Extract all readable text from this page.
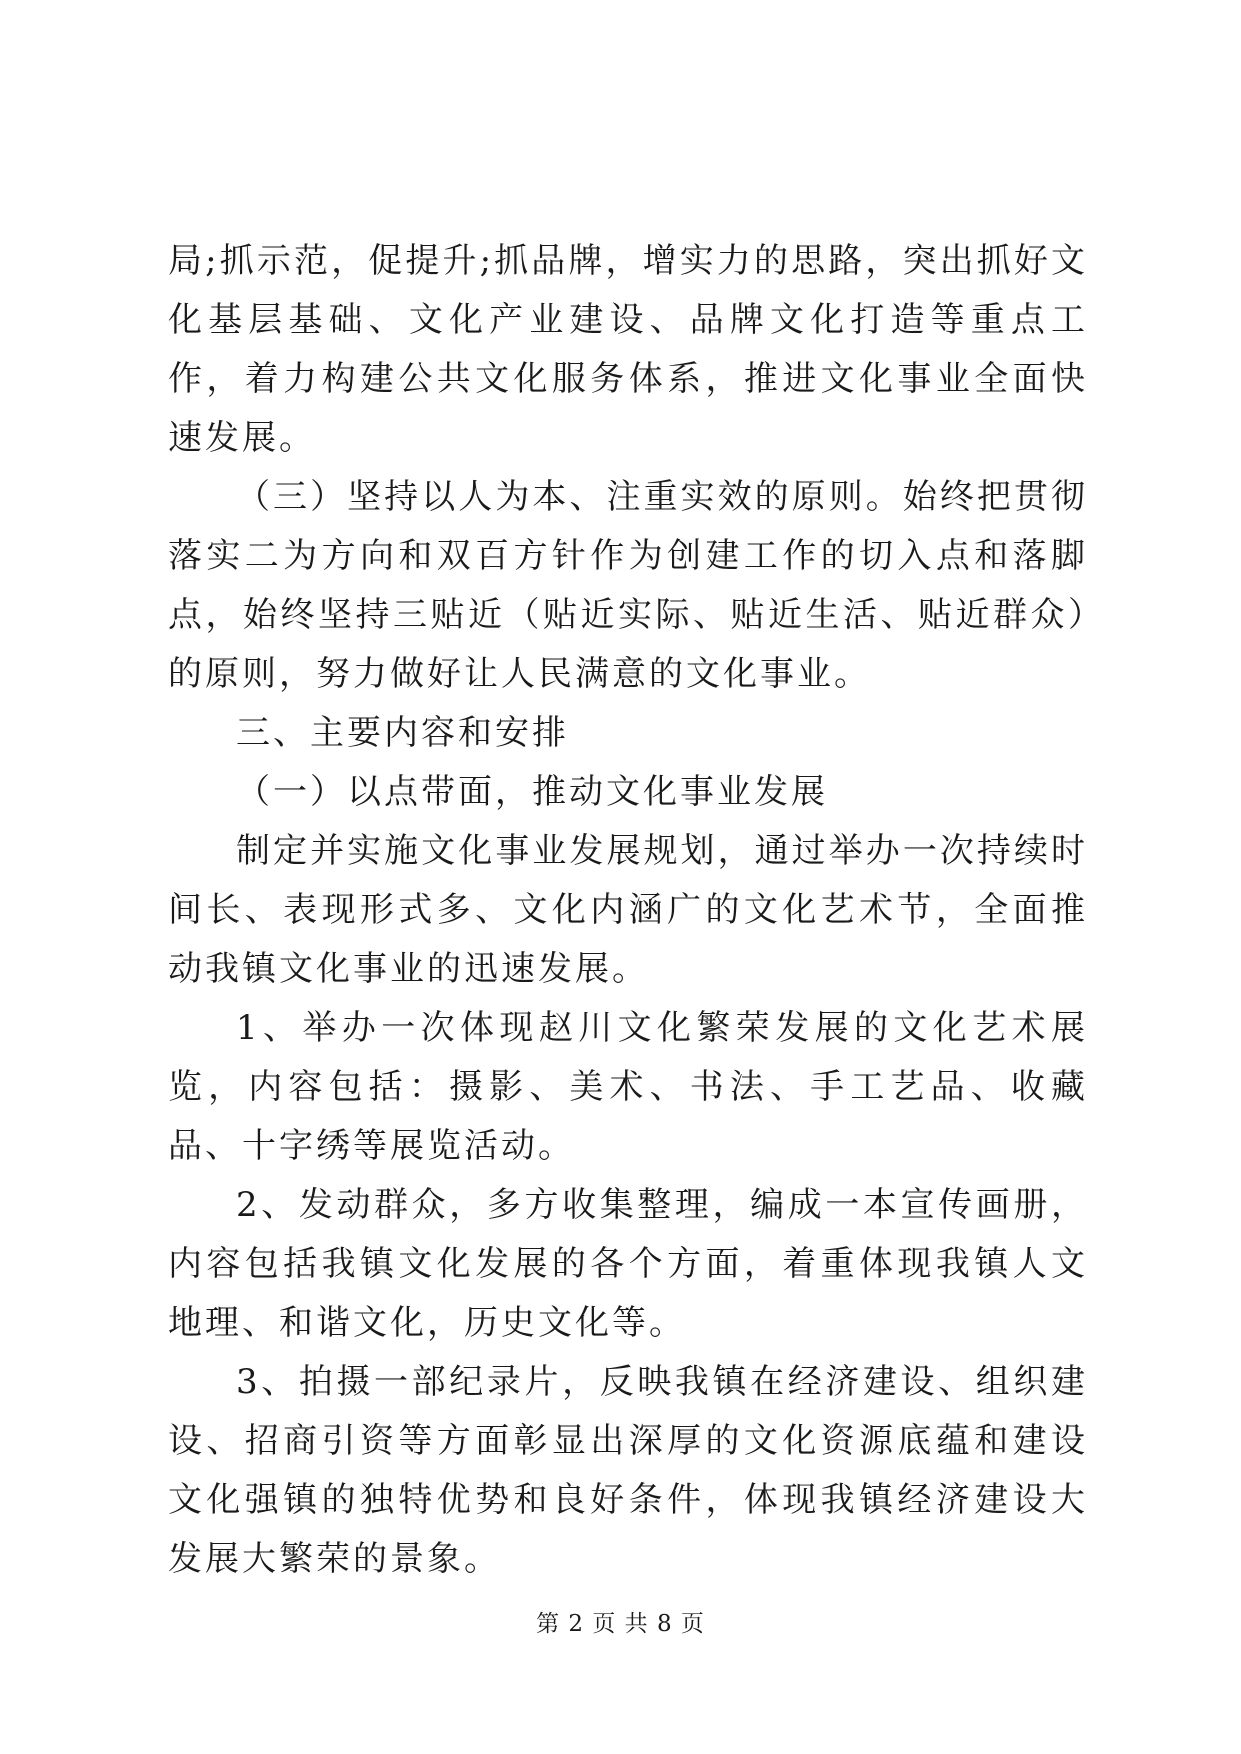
局;抓示范，促提升;抓品牌，增实力的思路，突出抓好文化基层基础、文化产业建设、品牌文化打造等重点工作，着力构建公共文化服务体系，推进文化事业全面快速发展。

（三）坚持以人为本、注重实效的原则。始终把贯彻落实二为方向和双百方针作为创建工作的切入点和落脚点，始终坚持三贴近（贴近实际、贴近生活、贴近群众）的原则，努力做好让人民满意的文化事业。

三、主要内容和安排

（一）以点带面，推动文化事业发展

制定并实施文化事业发展规划，通过举办一次持续时间长、表现形式多、文化内涵广的文化艺术节，全面推动我镇文化事业的迅速发展。

1、举办一次体现赵川文化繁荣发展的文化艺术展览，内容包括：摄影、美术、书法、手工艺品、收藏品、十字绣等展览活动。

2、发动群众，多方收集整理，编成一本宣传画册，内容包括我镇文化发展的各个方面，着重体现我镇人文地理、和谐文化，历史文化等。

3、拍摄一部纪录片，反映我镇在经济建设、组织建设、招商引资等方面彰显出深厚的文化资源底蕴和建设文化强镇的独特优势和良好条件，体现我镇经济建设大发展大繁荣的景象。

第 2 页 共 8 页
